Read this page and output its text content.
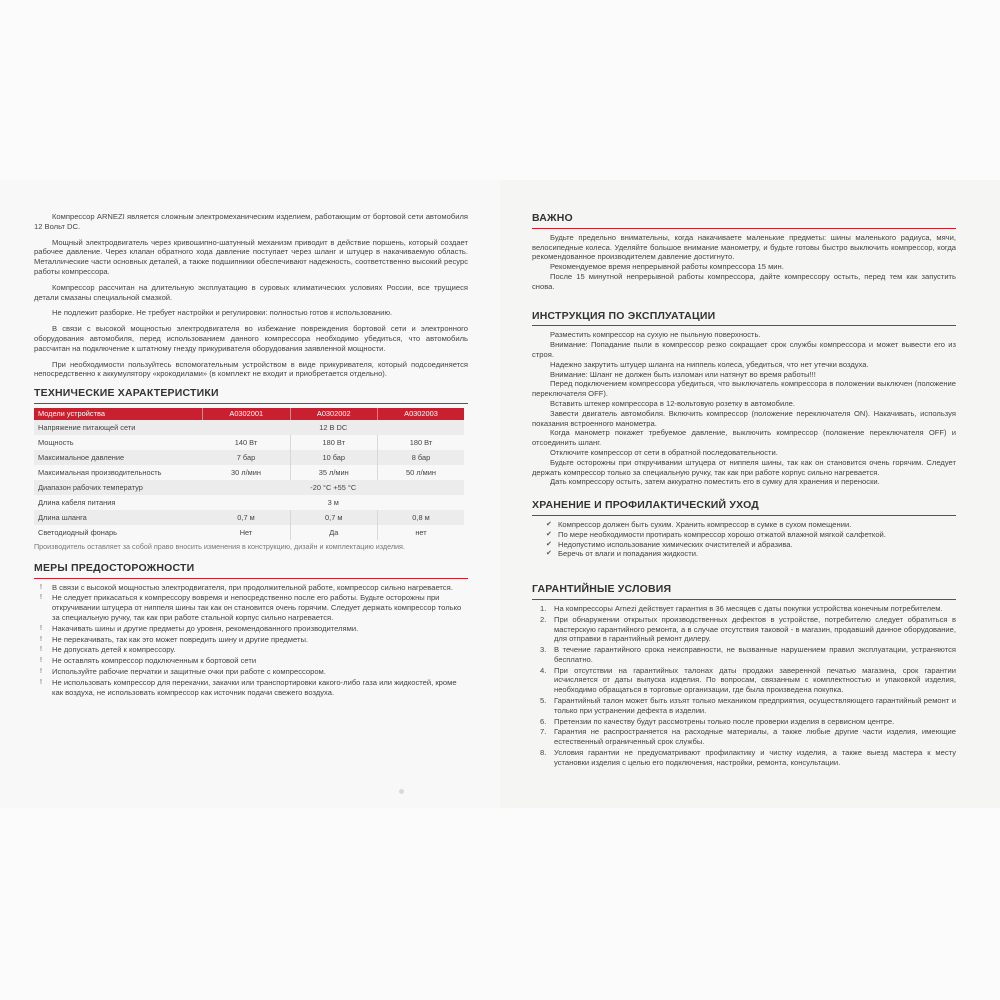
Компрессор ARNEZI является сложным электромеханическим изделием, работающим от бортовой сети автомобиля 12 Вольт DC.

Мощный электродвигатель через кривошипно-шатунный механизм приводит в действие поршень, который создает рабочее давление. Через клапан обратного хода давление поступает через шланг и штуцер в накачиваемую область. Металлические части основных деталей, а также подшипники обеспечивают надежность, соответственно высокий ресурс работы компрессора.

Компрессор рассчитан на длительную эксплуатацию в суровых климатических условиях России, все трущиеся детали смазаны специальной смазкой.

Не подлежит разборке. Не требует настройки и регулировки: полностью готов к использованию.

В связи с высокой мощностью электродвигателя во избежание повреждения бортовой сети и электронного оборудования автомобиля, перед использованием данного компрессора необходимо убедиться, что автомобиль рассчитан на подключение к штатному гнезду прикуривателя оборудования заявленной мощности.

При необходимости пользуйтесь вспомогательным устройством в виде прикуривателя, который подсоединяется непосредственно к аккумулятору «крокодилами» (в комплект не входит и приобретается отдельно).

ТЕХНИЧЕСКИЕ ХАРАКТЕРИСТИКИ
Модели устройства	A0302001	A0302002	A0302003
Напряжение питающей сети	12 В DC		
Мощность	140 Вт	180 Вт	180 Вт
Максимальное давление	7 бар	10 бар	8 бар
Максимальная производительность	30 л/мин	35 л/мин	50 л/мин
Диапазон рабочих температур	-20 °С +55 °С		
Длина кабеля питания	3 м		
Длина шланга	0,7 м	0,7 м	0,8 м
Светодиодный фонарь	Нет	Да	нет
Производитель оставляет за собой право вносить изменения в конструкцию, дизайн и комплектацию изделия.
МЕРЫ ПРЕДОСТОРОЖНОСТИ
! В связи с высокой мощностью электродвигателя, при продолжительной работе, компрессор сильно нагревается.
! Не следует прикасаться к компрессору вовремя и непосредственно после его работы. Будьте осторожны при откручивании штуцера от ниппеля шины так как он становится очень горячим. Следует держать компрессор только за специальную ручку, так как при работе стальной корпус сильно нагревается.
! Накачивать шины и другие предметы до уровня, рекомендованного производителями.
! Не перекачивать, так как это может повредить шину и другие предметы.
! Не допускать детей к компрессору.
! Не оставлять компрессор подключенным к бортовой сети
! Используйте рабочие перчатки и защитные очки при работе с компрессором.
! Не использовать компрессор для перекачки, закачки или транспортировки какого-либо газа или жидкостей, кроме как воздуха, не использовать компрессор как источник подачи свежего воздуха.
ВАЖНО

Будьте предельно внимательны, когда накачиваете маленькие предметы: шины маленького радиуса, мячи, велосипедные колеса. Уделяйте большое внимание манометру, и будьте готовы быстро выключить компрессор, когда рекомендованное производителем давление достигнуто.

Рекомендуемое время непрерывной работы компрессора 15 мин.

После 15 минутной непрерывной работы компрессора, дайте компрессору остыть, перед тем как запустить снова.

ИНСТРУКЦИЯ ПО ЭКСПЛУАТАЦИИ

Разместить компрессор на сухую не пыльную поверхность.

Внимание: Попадание пыли в компрессор резко сокращает срок службы компрессора и может вывести его из строя.

Надежно закрутить штуцер шланга на ниппель колеса, убедиться, что нет утечки воздуха.

Внимание: Шланг не должен быть изломан или натянут во время работы!!!

Перед подключением компрессора убедиться, что выключатель компрессора в положении выключен (положение переключателя OFF).

Вставить штекер компрессора в 12-вольтовую розетку в автомобиле.

Завести двигатель автомобиля. Включить компрессор (положение переключателя ON). Накачивать, используя показания встроенного манометра.

Когда манометр покажет требуемое давление, выключить компрессор (положение переключателя OFF) и отсоединить шланг.

Отключите компрессор от сети в обратной последовательности.

Будьте осторожны при откручивании штуцера от ниппеля шины, так как он становится очень горячим. Следует держать компрессор только за специальную ручку, так как при работе корпус сильно нагревается.

Дать компрессору остыть, затем аккуратно поместить его в сумку для хранения и переноски.

ХРАНЕНИЕ И ПРОФИЛАКТИЧЕСКИЙ УХОД
✔ Компрессор должен быть сухим. Хранить компрессор в сумке в сухом помещении.
✔ По мере необходимости протирать компрессор хорошо отжатой влажной мягкой салфеткой.
✔ Недопустимо использование химических очистителей и абразива.
✔ Беречь от влаги и попадания жидкости.
ГАРАНТИЙНЫЕ УСЛОВИЯ
1. На компрессоры Arnezi действует гарантия в 36 месяцев с даты покупки устройства конечным потребителем.
2. При обнаружении открытых производственных дефектов в устройстве, потребителю следует обратиться в мастерскую гарантийного ремонта, а в случае отсутствия таковой - в магазин, продавший данное оборудование, для отправки в гарантийный ремонт дилеру.
3. В течение гарантийного срока неисправности, не вызванные нарушением правил эксплуатации, устраняются бесплатно.
4. При отсутствии на гарантийных талонах даты продажи заверенной печатью магазина, срок гарантии исчисляется от даты выпуска изделия. По вопросам, связанным с комплектностью и упаковкой изделия, необходимо обращаться в торговые организации, где была произведена покупка.
5. Гарантийный талон может быть изъят только механиком предприятия, осуществляющего гарантийный ремонт и только при устранении дефекта в изделии.
6. Претензии по качеству будут рассмотрены только после проверки изделия в сервисном центре.
7. Гарантия не распространяется на расходные материалы, а также любые другие части изделия, имеющие естественный ограниченный срок службы.
8. Условия гарантии не предусматривают профилактику и чистку изделия, а также выезд мастера к месту установки изделия с целью его подключения, настройки, ремонта, консультации.
